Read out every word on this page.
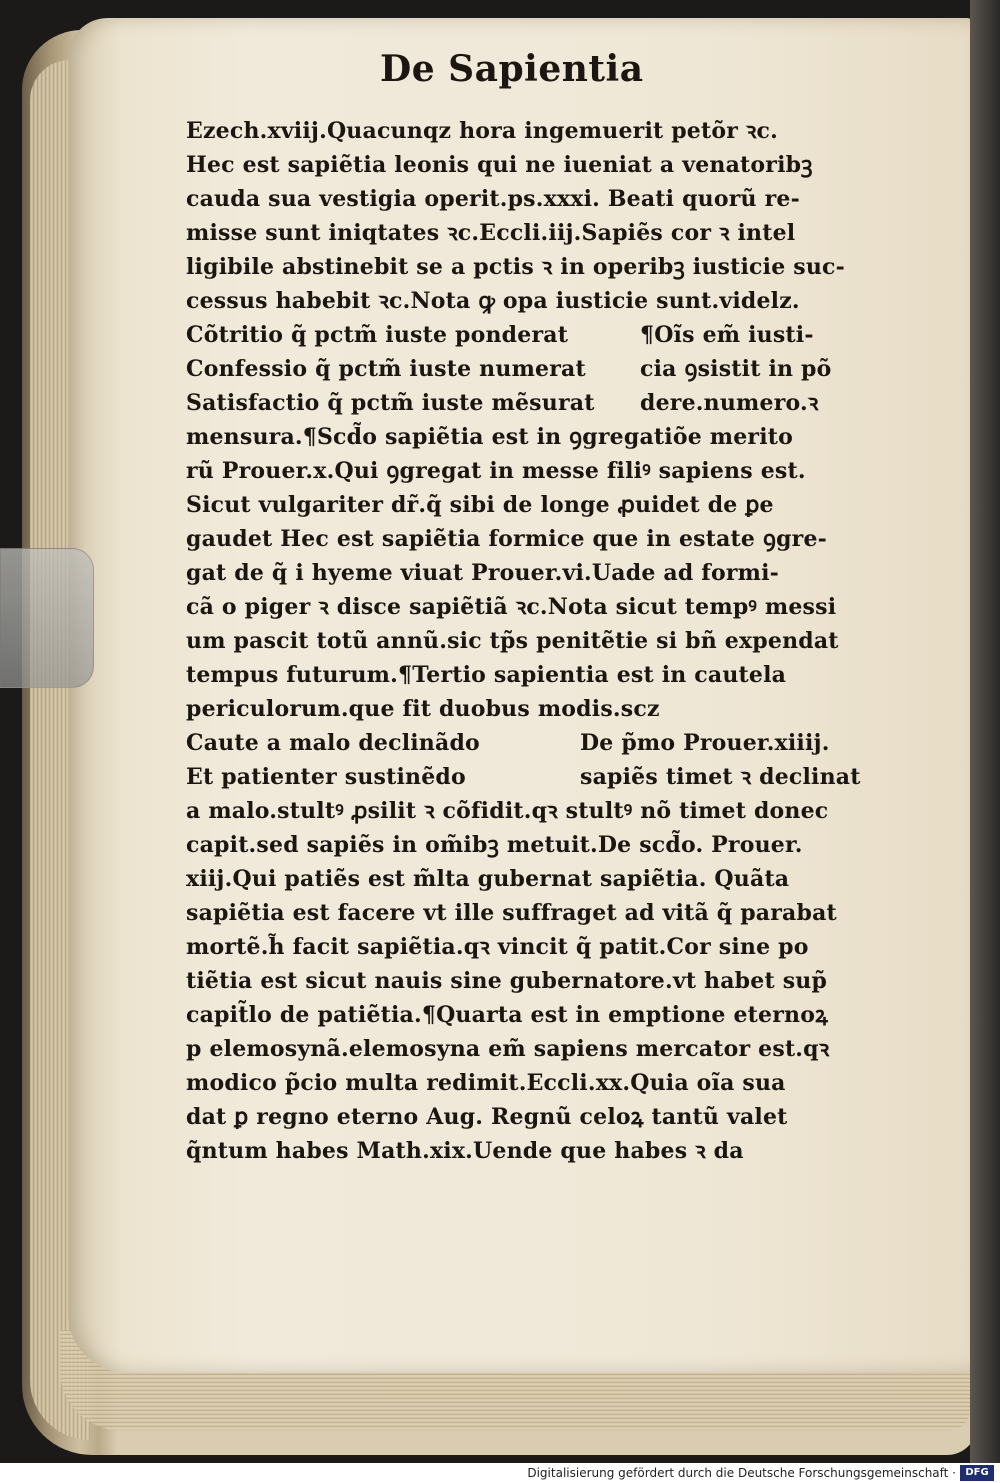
De Sapientia
Ezech.xviij.Quacunqz hora ingemuerit petõr ꝛc.
Hec est sapiẽtia leonis qui ne iueniat a venatoribꝫ
cauda sua vestigia operit.ps.xxxi. Beati quorũ re-
misse sunt iniqtates ꝛc.Eccli.iij.Sapiẽs cor ꝛ intel
ligibile abstinebit se a pctis ꝛ in operibꝫ iusticie suc-
cessus habebit ꝛc.Nota ꝙ opa iusticie sunt.videlz.
Cõtritio q̃ pctm̃ iuste ponderat
Confessio q̃ pctm̃ iuste numerat
Satisfactio q̃ pctm̃ iuste mẽsurat
¶Oĩs em̃ iusti-
cia ꝯsistit in põ
dere.numero.ꝛ
mensura.¶Scd̃o sapiẽtia est in ꝯgregatiõe merito
rũ Prouer.x.Qui ꝯgregat in messe filiꝰ sapiens est.
Sicut vulgariter dr̃.q̃ sibi de longe ꝓuidet de ꝑe
gaudet Hec est sapiẽtia formice que in estate ꝯgre-
gat de q̃ i hyeme viuat Prouer.vi.Uade ad formi-
cã o piger ꝛ disce sapiẽtiã ꝛc.Nota sicut tempꝰ messi
um pascit totũ annũ.sic tp̃s penitẽtie si bñ expendat
tempus futurum.¶Tertio sapientia est in cautela
periculorum.que fit duobus modis.scz
Caute a malo declinãdo
Et patienter sustinẽdo
De p̃mo Prouer.xiiij.
sapiẽs timet ꝛ declinat
a malo.stultꝰ ꝓsilit ꝛ cõfidit.qꝛ stultꝰ nõ timet donec
capit.sed sapiẽs in om̃ibꝫ metuit.De scd̃o. Prouer.
xiij.Qui patiẽs est m̃lta gubernat sapiẽtia. Quãta
sapiẽtia est facere vt ille suffraget ad vitã q̃ parabat
mortẽ.h̃ facit sapiẽtia.qꝛ vincit q̃ patit.Cor sine po
tiẽtia est sicut nauis sine gubernatore.vt habet sup̃
capit̃lo de patiẽtia.¶Quarta est in emptione eternoꝝ
p elemosynã.elemosyna em̃ sapiens mercator est.qꝛ
modico p̃cio multa redimit.Eccli.xx.Quia oĩa sua
dat ꝑ regno eterno Aug. Regnũ celoꝝ tantũ valet
q̃ntum habes Math.xix.Uende que habes ꝛ da
Digitalisierung gefördert durch die Deutsche Forschungsgemeinschaft · DFG
